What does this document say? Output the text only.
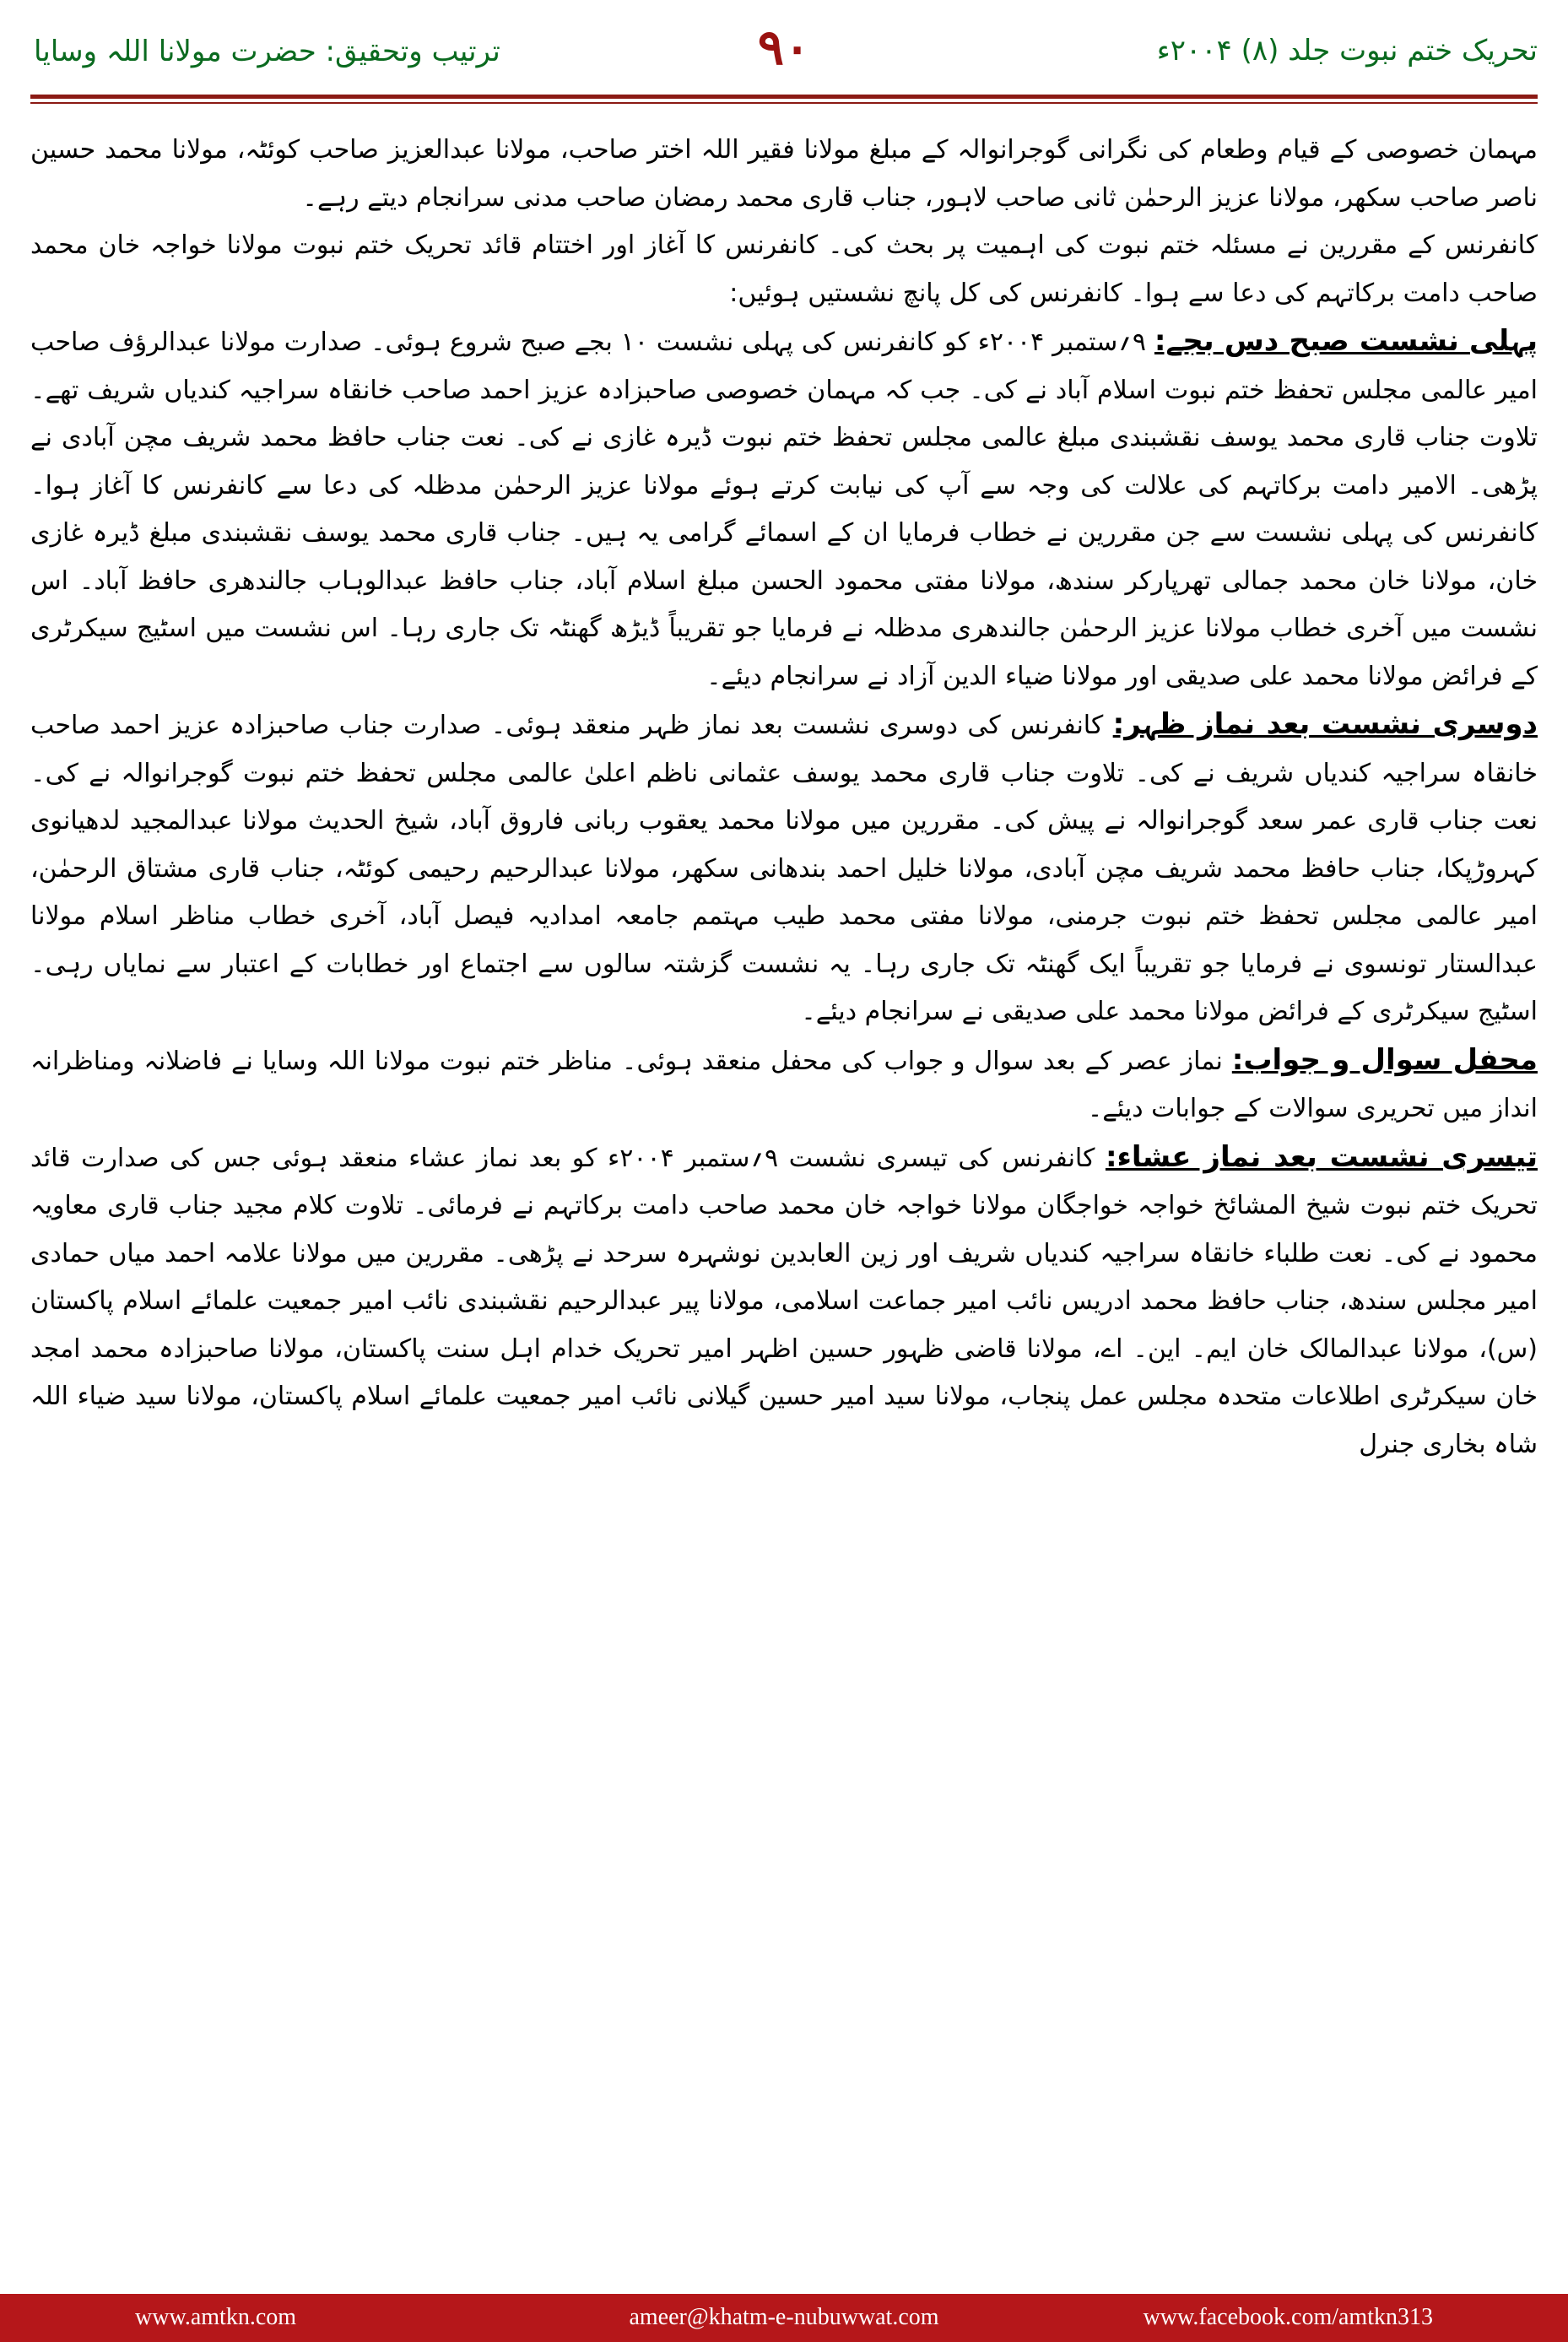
تحریک ختم نبوت جلد (۸) ۲۰۰۴ء
۹۰
ترتیب وتحقیق: حضرت مولانا اللہ وسایا

مہمان خصوصی کے قیام وطعام کی نگرانی گوجرانوالہ کے مبلغ مولانا فقیر اللہ اختر صاحب، مولانا عبدالعزیز صاحب کوئٹہ، مولانا محمد حسین ناصر صاحب سکھر، مولانا عزیز الرحمٰن ثانی صاحب لاہور، جناب قاری محمد رمضان صاحب مدنی سرانجام دیتے رہے۔

کانفرنس کے مقررین نے مسئلہ ختم نبوت کی اہمیت پر بحث کی۔ کانفرنس کا آغاز اور اختتام قائد تحریک ختم نبوت مولانا خواجہ خان محمد صاحب دامت برکاتہم کی دعا سے ہوا۔ کانفرنس کی کل پانچ نشستیں ہوئیں:

پہلی نشست صبح دس بجے: ۹؍ستمبر ۲۰۰۴ء کو کانفرنس کی پہلی نشست ۱۰ بجے صبح شروع ہوئی۔ صدارت مولانا عبدالرؤف صاحب امیر عالمی مجلس تحفظ ختم نبوت اسلام آباد نے کی۔ جب کہ مہمان خصوصی صاحبزادہ عزیز احمد صاحب خانقاہ سراجیہ کندیاں شریف تھے۔ تلاوت جناب قاری محمد یوسف نقشبندی مبلغ عالمی مجلس تحفظ ختم نبوت ڈیرہ غازی نے کی۔ نعت جناب حافظ محمد شریف مچن آبادی نے پڑھی۔ الامیر دامت برکاتہم کی علالت کی وجہ سے آپ کی نیابت کرتے ہوئے مولانا عزیز الرحمٰن مدظلہ کی دعا سے کانفرنس کا آغاز ہوا۔ کانفرنس کی پہلی نشست سے جن مقررین نے خطاب فرمایا ان کے اسمائے گرامی یہ ہیں۔ جناب قاری محمد یوسف نقشبندی مبلغ ڈیرہ غازی خان، مولانا خان محمد جمالی تھرپارکر سندھ، مولانا مفتی محمود الحسن مبلغ اسلام آباد، جناب حافظ عبدالوہاب جالندھری حافظ آباد۔ اس نشست میں آخری خطاب مولانا عزیز الرحمٰن جالندھری مدظلہ نے فرمایا جو تقریباً ڈیڑھ گھنٹہ تک جاری رہا۔ اس نشست میں اسٹیج سیکرٹری کے فرائض مولانا محمد علی صدیقی اور مولانا ضیاء الدین آزاد نے سرانجام دیئے۔

دوسری نشست بعد نماز ظہر: کانفرنس کی دوسری نشست بعد نماز ظہر منعقد ہوئی۔ صدارت جناب صاحبزادہ عزیز احمد صاحب خانقاہ سراجیہ کندیاں شریف نے کی۔ تلاوت جناب قاری محمد یوسف عثمانی ناظم اعلیٰ عالمی مجلس تحفظ ختم نبوت گوجرانوالہ نے کی۔ نعت جناب قاری عمر سعد گوجرانوالہ نے پیش کی۔ مقررین میں مولانا محمد یعقوب ربانی فاروق آباد، شیخ الحدیث مولانا عبدالمجید لدھیانوی کہروڑپکا، جناب حافظ محمد شریف مچن آبادی، مولانا خلیل احمد بندھانی سکھر، مولانا عبدالرحیم رحیمی کوئٹہ، جناب قاری مشتاق الرحمٰن، امیر عالمی مجلس تحفظ ختم نبوت جرمنی، مولانا مفتی محمد طیب مہتمم جامعہ امدادیہ فیصل آباد، آخری خطاب مناظر اسلام مولانا عبدالستار تونسوی نے فرمایا جو تقریباً ایک گھنٹہ تک جاری رہا۔ یہ نشست گزشتہ سالوں سے اجتماع اور خطابات کے اعتبار سے نمایاں رہی۔ اسٹیج سیکرٹری کے فرائض مولانا محمد علی صدیقی نے سرانجام دیئے۔

محفل سوال و جواب: نماز عصر کے بعد سوال و جواب کی محفل منعقد ہوئی۔ مناظر ختم نبوت مولانا اللہ وسایا نے فاضلانہ ومناظرانہ انداز میں تحریری سوالات کے جوابات دیئے۔

تیسری نشست بعد نماز عشاء: کانفرنس کی تیسری نشست ۹؍ستمبر ۲۰۰۴ء کو بعد نماز عشاء منعقد ہوئی جس کی صدارت قائد تحریک ختم نبوت شیخ المشائخ خواجہ خواجگان مولانا خواجہ خان محمد صاحب دامت برکاتہم نے فرمائی۔ تلاوت کلام مجید جناب قاری معاویہ محمود نے کی۔ نعت طلباء خانقاہ سراجیہ کندیاں شریف اور زین العابدین نوشہرہ سرحد نے پڑھی۔ مقررین میں مولانا علامہ احمد میاں حمادی امیر مجلس سندھ، جناب حافظ محمد ادریس نائب امیر جماعت اسلامی، مولانا پیر عبدالرحیم نقشبندی نائب امیر جمعیت علمائے اسلام پاکستان (س)، مولانا عبدالمالک خان ایم۔ این۔ اے، مولانا قاضی ظہور حسین اظہر امیر تحریک خدام اہل سنت پاکستان، مولانا صاحبزادہ محمد امجد خان سیکرٹری اطلاعات متحدہ مجلس عمل پنجاب، مولانا سید امیر حسین گیلانی نائب امیر جمعیت علمائے اسلام پاکستان، مولانا سید ضیاء اللہ شاہ بخاری جنرل

www.amtkn.com	ameer@khatm-e-nubuwwat.com	www.facebook.com/amtkn313
